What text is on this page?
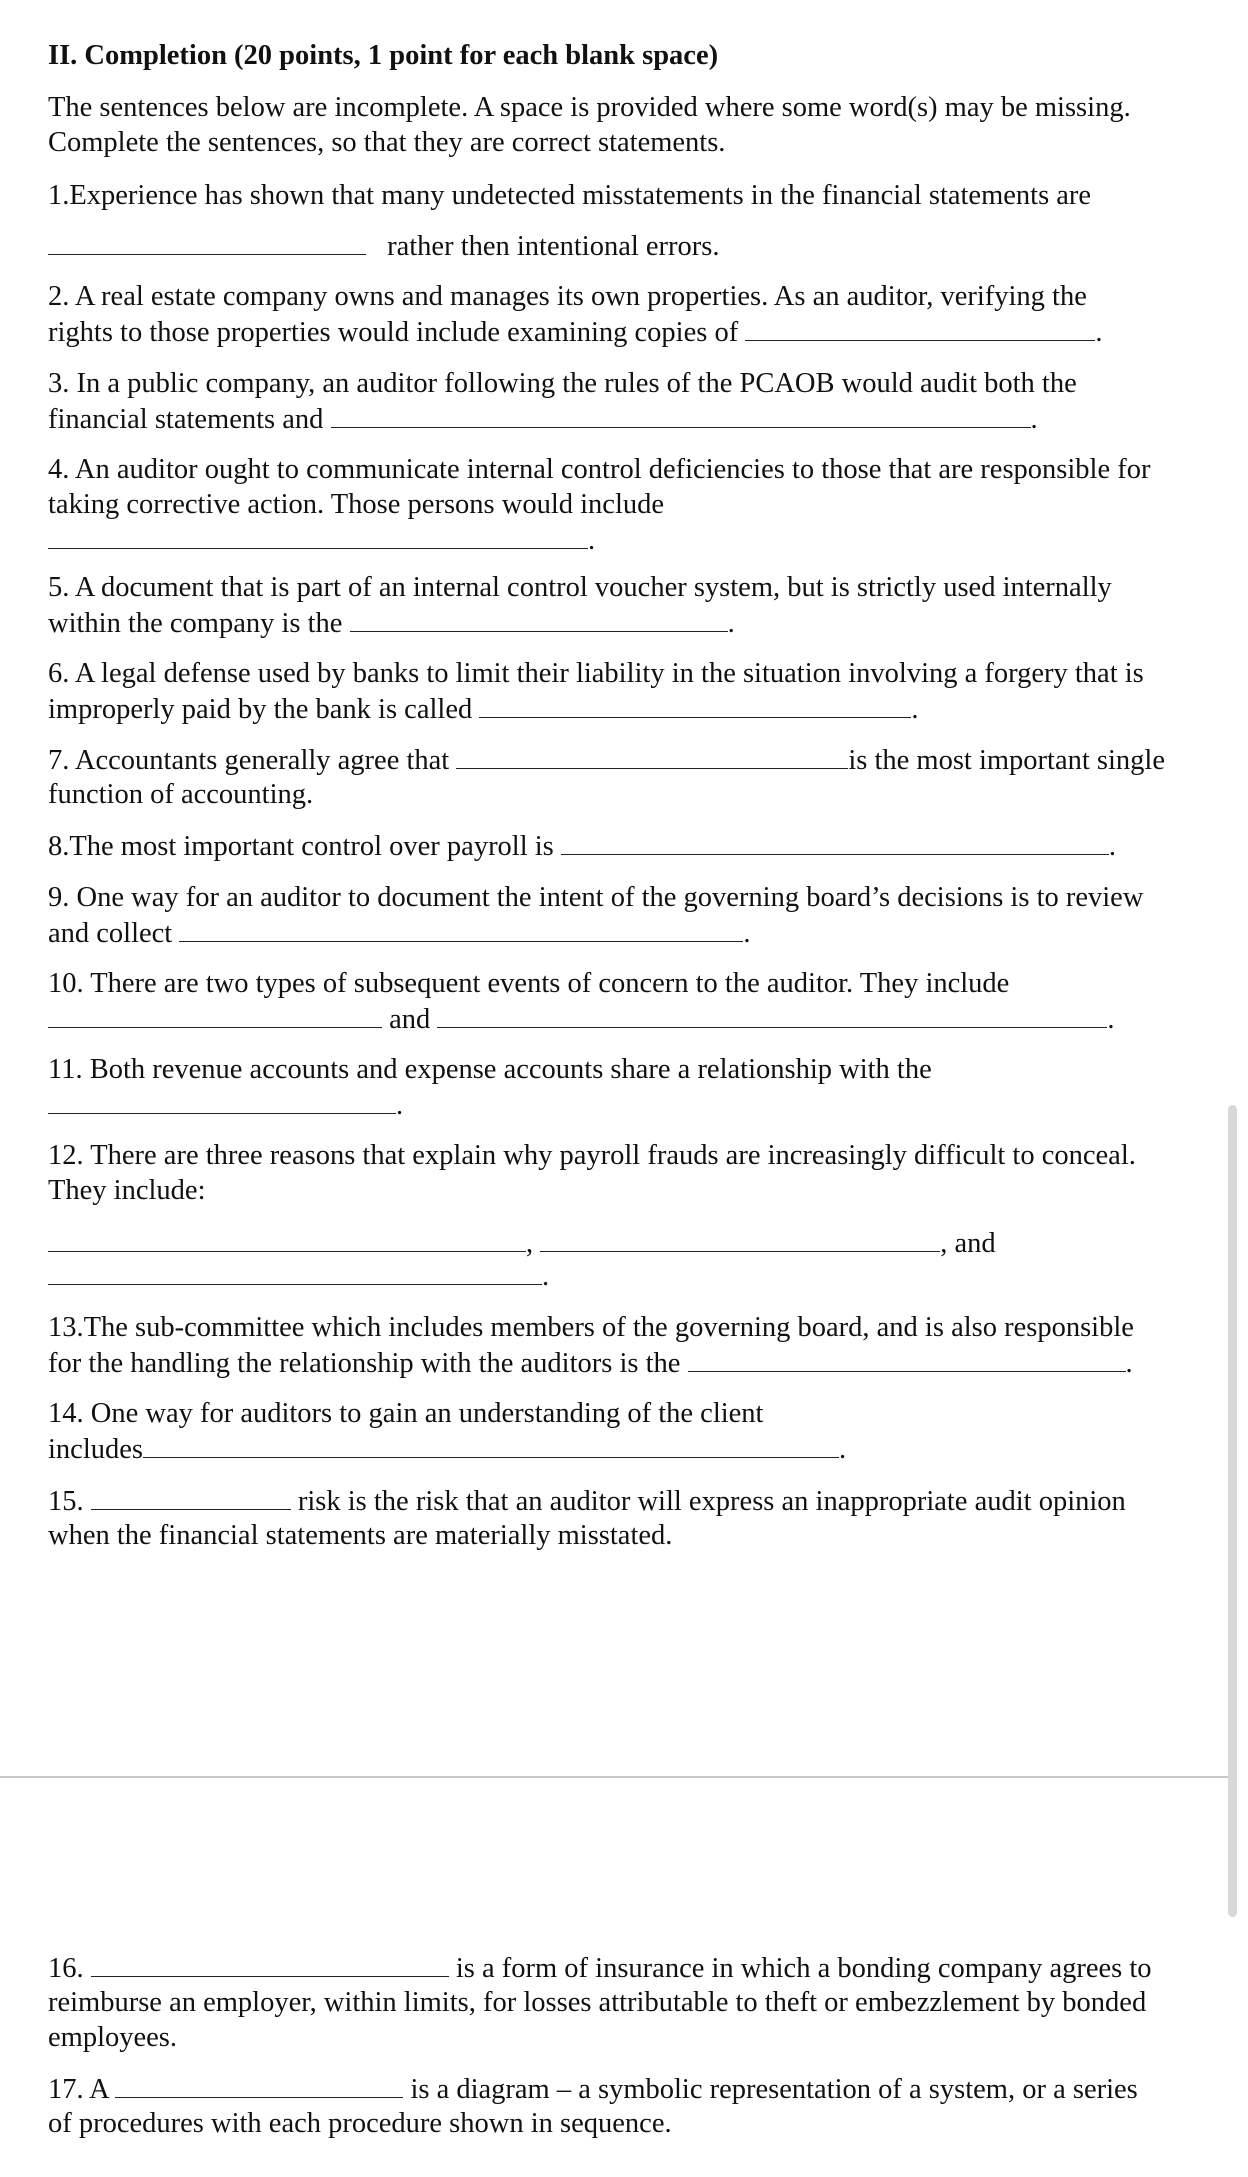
II. Completion (20 points, 1 point for each blank space)
The sentences below are incomplete. A space is provided where some word(s) may be missing.
Complete the sentences, so that they are correct statements.
1.Experience has shown that many undetected misstatements in the financial statements are
rather then intentional errors.
2. A real estate company owns and manages its own properties. As an auditor, verifying the
rights to those properties would include examining copies of	.
3. In a public company, an auditor following the rules of the PCAOB would audit both the
financial statements and	.
4. An auditor ought to communicate internal control deficiencies to those that are responsible for
taking corrective action. Those persons would include
.
5. A document that is part of an internal control voucher system, but is strictly used internally
within the company is the	.
6. A legal defense used by banks to limit their liability in the situation involving a forgery that is
improperly paid by the bank is called	.
7. Accountants generally agree that	is the most important single
function of accounting.
8.The most important control over payroll is	.
9. One way for an auditor to document the intent of the governing board’s decisions is to review
and collect	.
10. There are two types of subsequent events of concern to the auditor. They include
and	.
11. Both revenue accounts and expense accounts share a relationship with the
.
12. There are three reasons that explain why payroll frauds are increasingly difficult to conceal.
They include:
,	, and
.
13.The sub-committee which includes members of the governing board, and is also responsible
for the handling the relationship with the auditors is the	.
14. One way for auditors to gain an understanding of the client
includes	.
15.	risk is the risk that an auditor will express an inappropriate audit opinion
when the financial statements are materially misstated.
16.	is a form of insurance in which a bonding company agrees to
reimburse an employer, within limits, for losses attributable to theft or embezzlement by bonded
employees.
17. A	is a diagram – a symbolic representation of a system, or a series
of procedures with each procedure shown in sequence.
